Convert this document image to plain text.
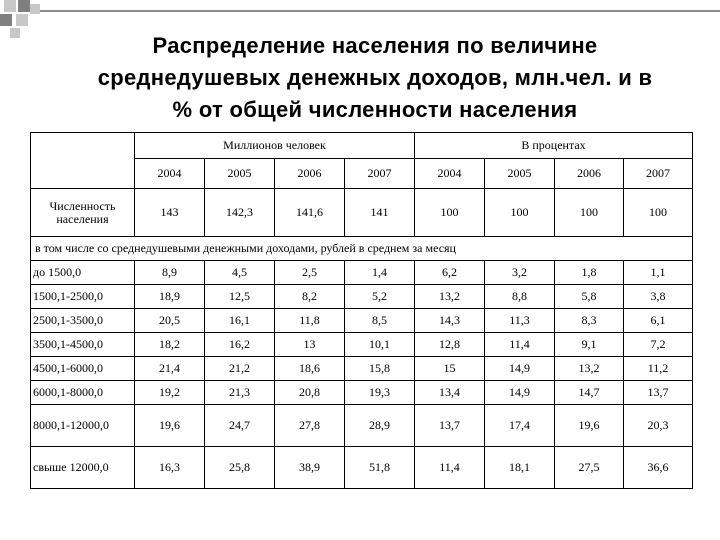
Распределение населения по величине
среднедушевых денежных доходов, млн.чел. и в
% от общей численности населения
	Миллионов человек				В процентах			
	2004	2005	2006	2007	2004	2005	2006	2007
Численность
населения	143	142,3	141,6	141	100	100	100	100
в том числе со среднедушевыми денежными доходами, рублей в среднем за месяц								
до 1500,0	8,9	4,5	2,5	1,4	6,2	3,2	1,8	1,1
1500,1-2500,0	18,9	12,5	8,2	5,2	13,2	8,8	5,8	3,8
2500,1-3500,0	20,5	16,1	11,8	8,5	14,3	11,3	8,3	6,1
3500,1-4500,0	18,2	16,2	13	10,1	12,8	11,4	9,1	7,2
4500,1-6000,0	21,4	21,2	18,6	15,8	15	14,9	13,2	11,2
6000,1-8000,0	19,2	21,3	20,8	19,3	13,4	14,9	14,7	13,7
8000,1-12000,0	19,6	24,7	27,8	28,9	13,7	17,4	19,6	20,3
свыше 12000,0	16,3	25,8	38,9	51,8	11,4	18,1	27,5	36,6
